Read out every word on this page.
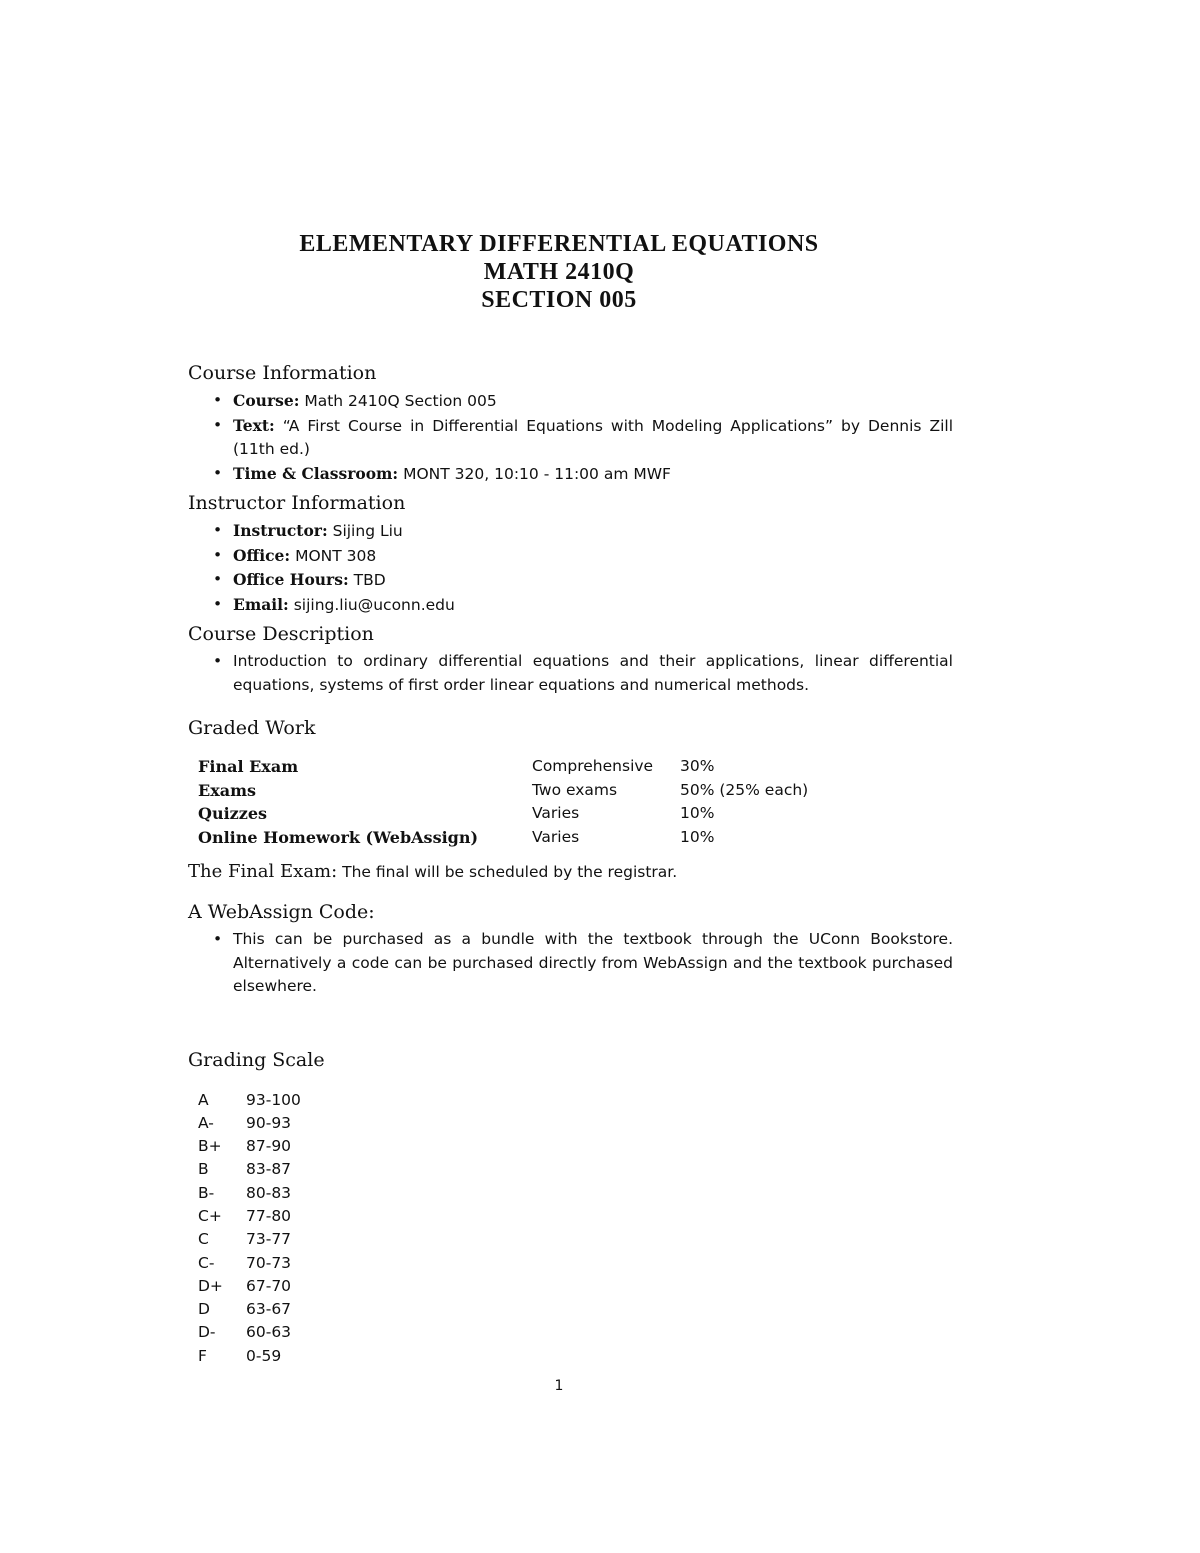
ELEMENTARY DIFFERENTIAL EQUATIONS
MATH 2410Q
SECTION 005
Course Information
• Course: Math 2410Q Section 005
• Text: “A First Course in Differential Equations with Modeling Applications” by Dennis Zill (11th ed.)
• Time & Classroom: MONT 320, 10:10 - 11:00 am MWF
Instructor Information
• Instructor: Sijing Liu
• Office: MONT 308
• Office Hours: TBD
• Email: sijing.liu@uconn.edu
Course Description
• Introduction to ordinary differential equations and their applications, linear differential equations, systems of first order linear equations and numerical methods.
Graded Work
Final Exam	Comprehensive	30%
Exams	Two exams	50% (25% each)
Quizzes	Varies	10%
Online Homework (WebAssign)	Varies	10%
The Final Exam: The final will be scheduled by the registrar.
A WebAssign Code:
• This can be purchased as a bundle with the textbook through the UConn Bookstore. Alternatively a code can be purchased directly from WebAssign and the textbook purchased elsewhere.
Grading Scale
A	93-100
A-	90-93
B+	87-90
B	83-87
B-	80-83
C+	77-80
C	73-77
C-	70-73
D+	67-70
D	63-67
D-	60-63
F	0-59
1
